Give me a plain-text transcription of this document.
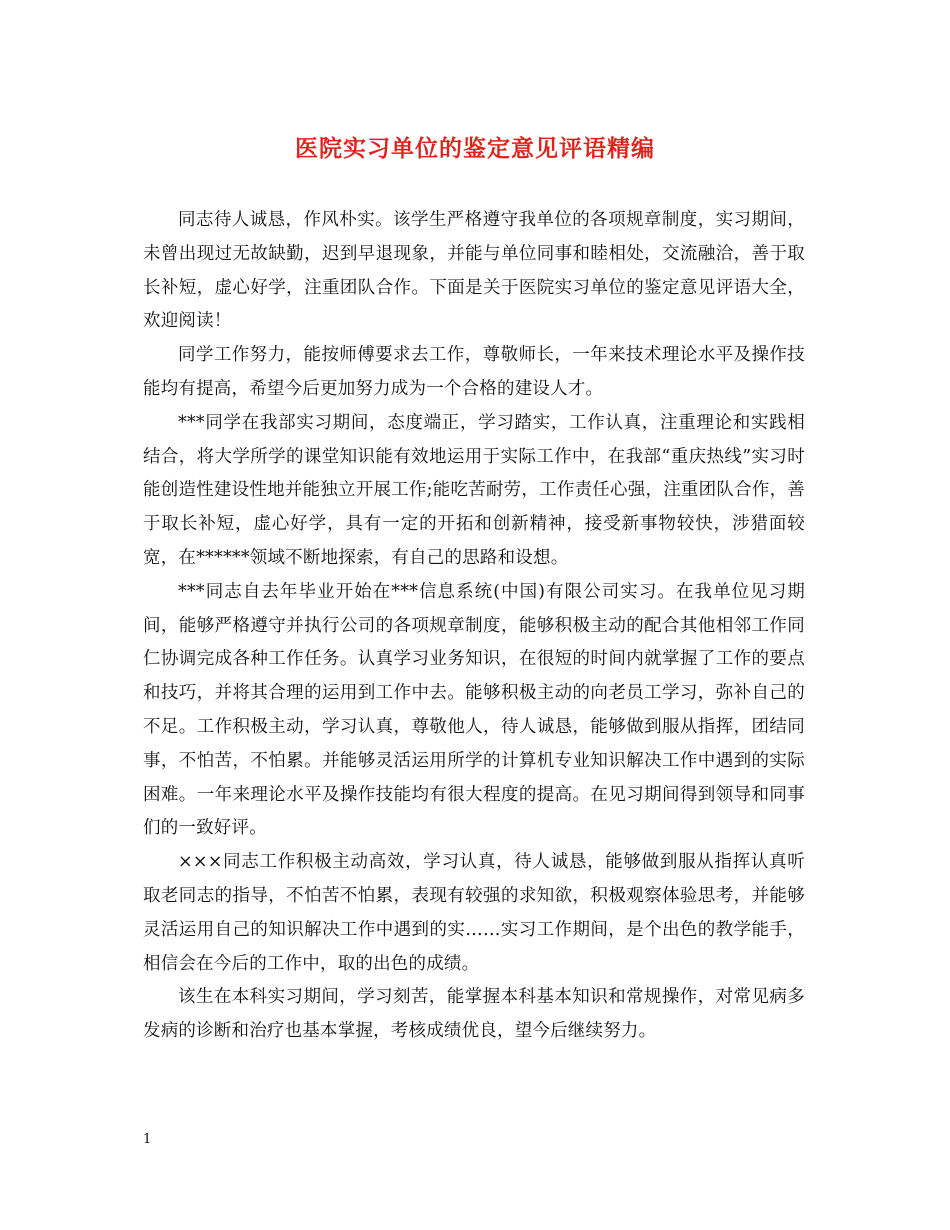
医院实习单位的鉴定意见评语精编

同志待人诚恳，作风朴实。该学生严格遵守我单位的各项规章制度，实习期间，未曾出现过无故缺勤，迟到早退现象，并能与单位同事和睦相处，交流融洽，善于取长补短，虚心好学，注重团队合作。下面是关于医院实习单位的鉴定意见评语大全，欢迎阅读！

同学工作努力，能按师傅要求去工作，尊敬师长，一年来技术理论水平及操作技能均有提高，希望今后更加努力成为一个合格的建设人才。

***同学在我部实习期间，态度端正，学习踏实，工作认真，注重理论和实践相结合，将大学所学的课堂知识能有效地运用于实际工作中，在我部“重庆热线”实习时能创造性建设性地并能独立开展工作;能吃苦耐劳，工作责任心强，注重团队合作，善于取长补短，虚心好学，具有一定的开拓和创新精神，接受新事物较快，涉猎面较宽，在******领域不断地探索，有自己的思路和设想。

***同志自去年毕业开始在***信息系统(中国)有限公司实习。在我单位见习期间，能够严格遵守并执行公司的各项规章制度，能够积极主动的配合其他相邻工作同仁协调完成各种工作任务。认真学习业务知识，在很短的时间内就掌握了工作的要点和技巧，并将其合理的运用到工作中去。能够积极主动的向老员工学习，弥补自己的不足。工作积极主动，学习认真，尊敬他人，待人诚恳，能够做到服从指挥，团结同事，不怕苦，不怕累。并能够灵活运用所学的计算机专业知识解决工作中遇到的实际困难。一年来理论水平及操作技能均有很大程度的提高。在见习期间得到领导和同事们的一致好评。

×××同志工作积极主动高效，学习认真，待人诚恳，能够做到服从指挥认真听取老同志的指导，不怕苦不怕累，表现有较强的求知欲，积极观察体验思考，并能够灵活运用自己的知识解决工作中遇到的实……实习工作期间，是个出色的教学能手，相信会在今后的工作中，取的出色的成绩。

该生在本科实习期间，学习刻苦，能掌握本科基本知识和常规操作，对常见病多发病的诊断和治疗也基本掌握，考核成绩优良，望今后继续努力。

1
